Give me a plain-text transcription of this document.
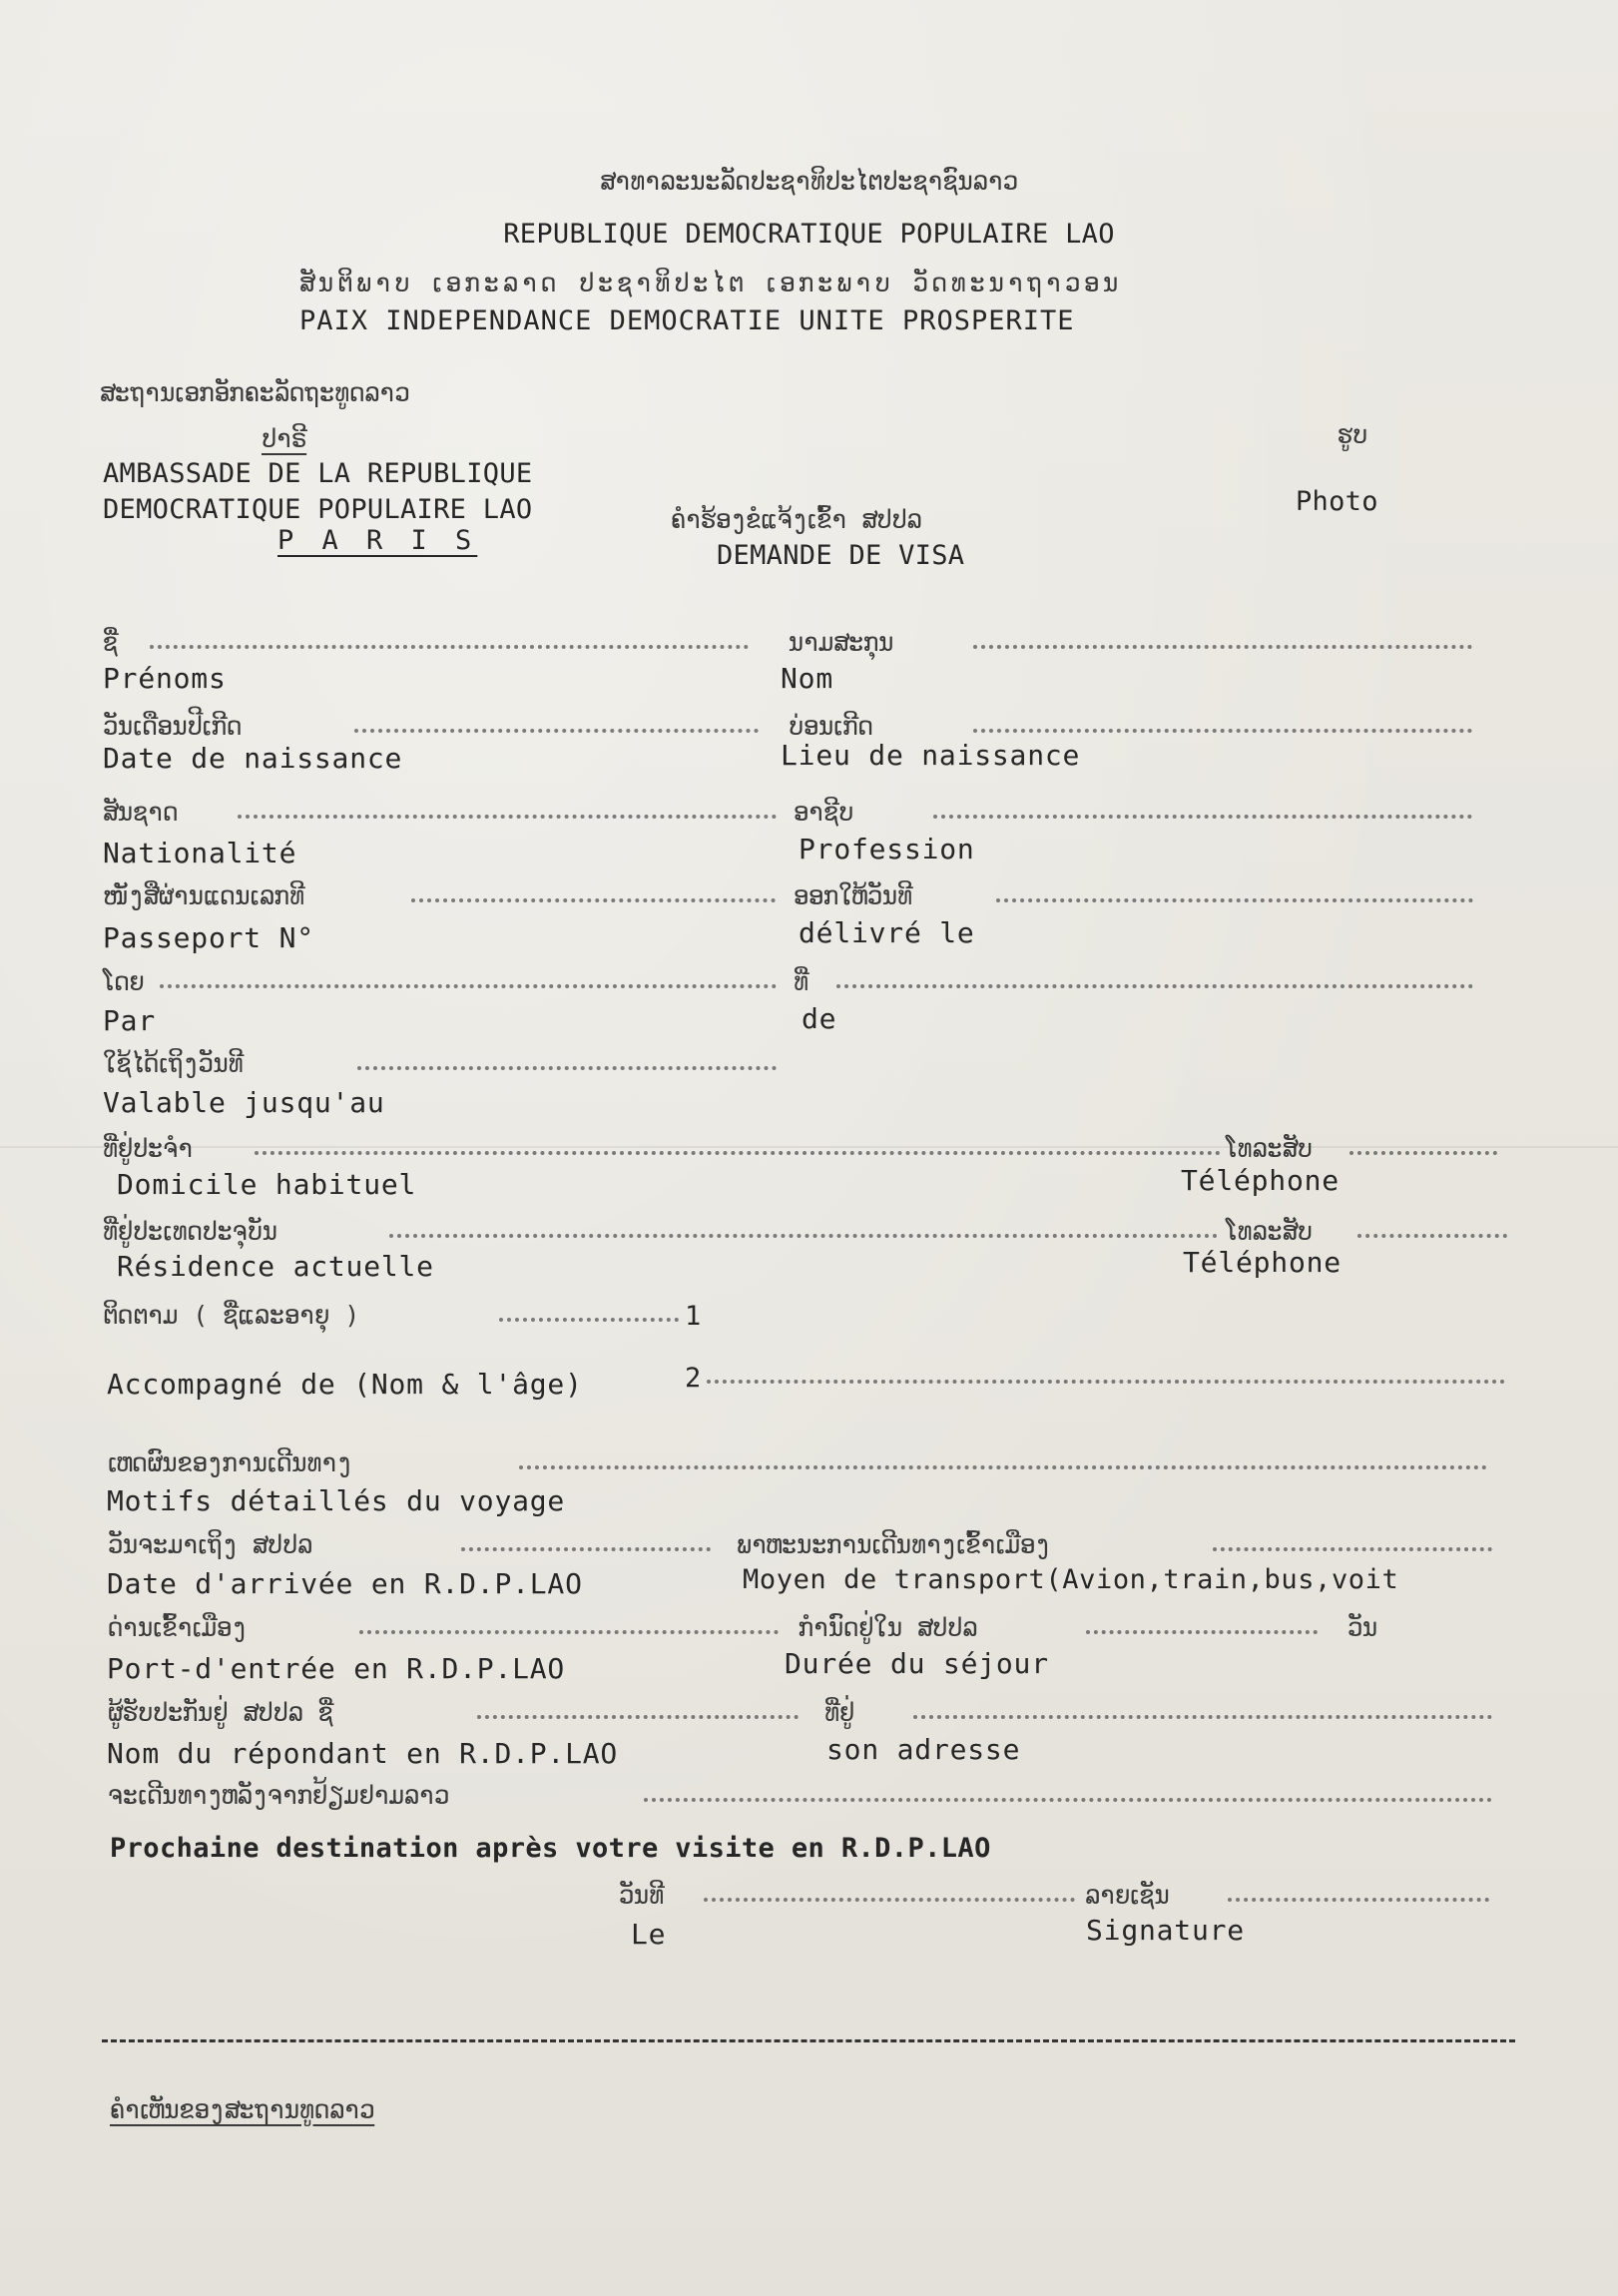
ສາທາລະນະລັດປະຊາທິປະໄຕປະຊາຊົນລາວ
REPUBLIQUE DEMOCRATIQUE POPULAIRE LAO
ສັນຕິພາບ ເອກະລາດ ປະຊາທິປະໄຕ ເອກະພາບ ວັດທະນາຖາວອນ
PAIX INDEPENDANCE DEMOCRATIE UNITE PROSPERITE
ສະຖານເອກອັກຄະລັດຖະທູດລາວ
ປາຣີ
AMBASSADE DE LA REPUBLIQUE
DEMOCRATIQUE POPULAIRE LAO
P A R I S
ຮູບ
Photo
ຄຳຮ້ອງຂໍແຈ້ງເຂົ້າ ສປປລ
DEMANDE DE VISA
ຊື່
Prénoms
ນາມສະກຸນ
Nom
ວັນເດືອນປີເກີດ
Date de naissance
ບ່ອນເກີດ
Lieu de naissance
ສັນຊາດ
Nationalité
ອາຊີບ
Profession
ໜັງສືຜ່ານແດນເລກທີ
Passeport N°
ອອກໃຫ້ວັນທີ
délivré le
ໂດຍ
Par
ທີ່
de
ໃຊ້ໄດ້ເຖິງວັນທີ
Valable jusqu'au
ທີ່ຢູ່ປະຈຳ
Domicile habituel
ໂທລະສັບ
Téléphone
ທີ່ຢູ່ປະເທດປະຈຸບັນ
Résidence actuelle
ໂທລະສັບ
Téléphone
ຕິດຕາມ ( ຊື່ແລະອາຍຸ )	1
Accompagné de (Nom & l'âge)	2
ເຫດຜົນຂອງການເດີນທາງ
Motifs détaillés du voyage
ວັນຈະມາເຖິງ ສປປລ
Date d'arrivée en R.D.P.LAO
ພາຫະນະການເດີນທາງເຂົ້າເມືອງ
Moyen de transport(Avion,train,bus,voit
ດ່ານເຂົ້າເມືອງ
Port-d'entrée en R.D.P.LAO
ກຳນົດຢູ່ໃນ ສປປລ	ວັນ
Durée du séjour
ຜູ້ຮັບປະກັນຢູ່ ສປປລ ຊື່
Nom du répondant en R.D.P.LAO
ທີ່ຢູ່
son adresse
ຈະເດີນທາງຫລັງຈາກຢ້ຽມຢາມລາວ
Prochaine destination après votre visite en R.D.P.LAO
ວັນທີ
Le
ລາຍເຊັນ
Signature
ຄຳເຫັນຂອງສະຖານທູດລາວ
